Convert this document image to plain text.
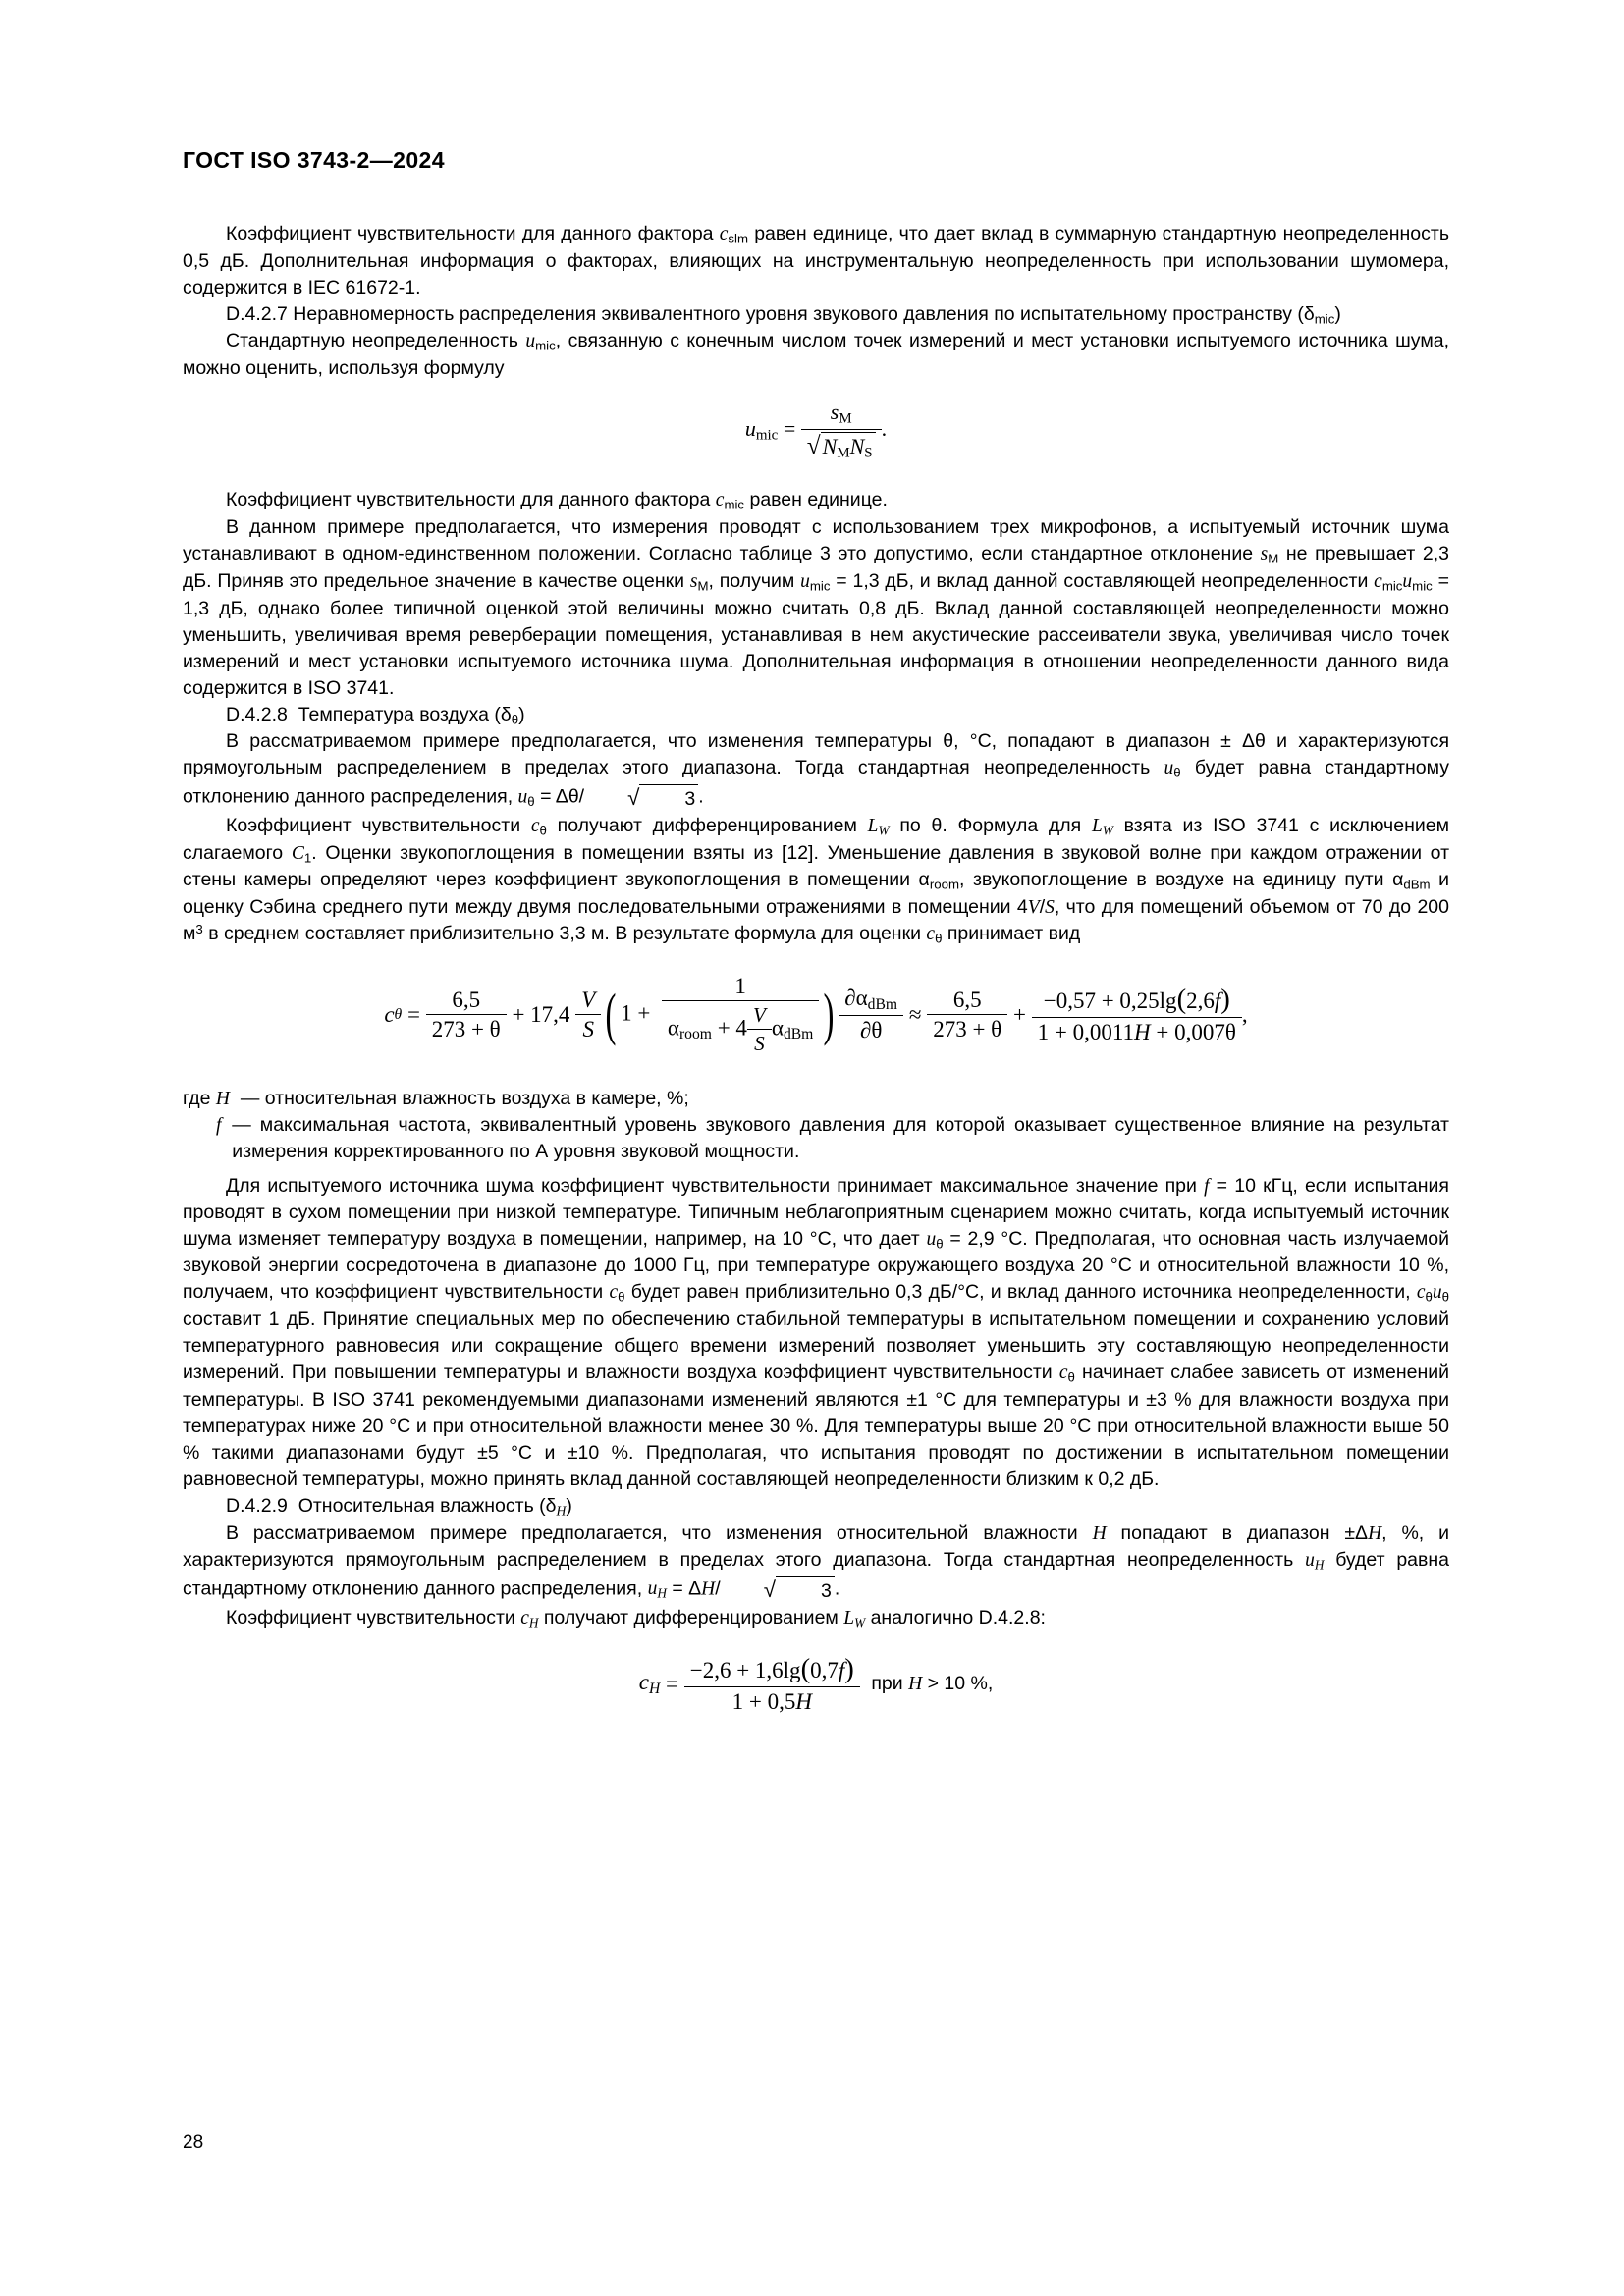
ГОСТ ISO 3743-2—2024

Коэффициент чувствительности для данного фактора $c_{slm}$ равен единице, что дает вклад в суммарную стандартную неопределенность 0,5 дБ. Дополнительная информация о факторах, влияющих на инструментальную неопределенность при использовании шумомера, содержится в IEC 61672-1.

D.4.2.7 Неравномерность распределения эквивалентного уровня звукового давления по испытательному пространству $(\delta_{mic})$

Стандартную неопределенность $u_{mic}$, связанную с конечным числом точек измерений и мест установки испытуемого источника шума, можно оценить, используя формулу

$u_{mic} = \frac{s_M}{√N_MN_S}$ .

Коэффициент чувствительности для данного фактора $c_{mic}$ равен единице.

В данном примере предполагается, что измерения проводят с использованием трех микрофонов, а испытуемый источник шума устанавливают в одном-единственном положении. Согласно таблице 3 это допустимо, если стандартное отклонение $s_M$ не превышает 2,3 дБ. Приняв это предельное значение в качестве оценки $s_M$, получим $u_{mic} = 1,3$ дБ, и вклад данной составляющей неопределенности $c_{mic}u_{mic} = 1,3$ дБ, однако более типичной оценкой этой величины можно считать 0,8 дБ. Вклад данной составляющей неопределенности можно уменьшить, увеличивая время реверберации помещения, устанавливая в нем акустические рассеиватели звука, увеличивая число точек измерений и мест установки испытуемого источника шума. Дополнительная информация в отношении неопределенности данного вида содержится в ISO 3741.

D.4.2.8  Температура воздуха $(\delta_\theta)$

В рассматриваемом примере предполагается, что изменения температуры θ, °С, попадают в диапазон ± Δθ и характеризуются прямоугольным распределением в пределах этого диапазона. Тогда стандартная неопределенность $u_\theta$ будет равна стандартному отклонению данного распределения, $u_\theta = \Delta\theta/$ √ 3 .

Коэффициент чувствительности $c_\theta$ получают дифференцированием $L_W$ по θ. Формула для $L_W$ взята из ISO 3741 с исключением слагаемого $C_1$. Оценки звукопоглощения в помещении взяты из [12]. Уменьшение давления в звуковой волне при каждом отражении от стены камеры определяют через коэффициент звукопоглощения в помещении $\alpha_{room}$, звукопоглощение в воздухе на единицу пути $\alpha_{dBm}$ и оценку Сэбина среднего пути между двумя последовательными отражениями в помещении 4V/S, что для помещений объемом от 70 до 200 $м^3$ в среднем составляет приблизительно 3,3 м. В результате формула для оценки $c_\theta$ принимает вид

c $\theta = \frac{6,5}{273 + \theta} + 17,4 \frac{V}{S}$ ( $1 + \frac{1}{\alpha_{room} + 4 \frac{V}{S} \alpha_{dBm}}$ ) $\frac{\partial\alpha_{dBm}}{\partial\theta} \approx \frac{6,5}{273 + \theta} + \frac{-0,57 + 0,25\lg(2,6f)}{1 + 0,0011H + 0,007\theta}$ ,
где H — относительная влажность воздуха в камере, %;
f — максимальная частота, эквивалентный уровень звукового давления для которой оказывает существенное влияние на результат измерения корректированного по А уровня звуковой мощности.

Для испытуемого источника шума коэффициент чувствительности принимает максимальное значение при f = 10 кГц, если испытания проводят в сухом помещении при низкой температуре. Типичным неблагоприятным сценарием можно считать, когда испытуемый источник шума изменяет температуру воздуха в помещении, например, на 10 °С, что дает $u_\theta = 2,9$ °С. Предполагая, что основная часть излучаемой звуковой энергии сосредоточена в диапазоне до 1000 Гц, при температуре окружающего воздуха 20 °С и относительной влажности 10 %, получаем, что коэффициент чувствительности $c_\theta$ будет равен приблизительно 0,3 дБ/°С, и вклад данного источника неопределенности, $c_\theta u_\theta$ составит 1 дБ. Принятие специальных мер по обеспечению стабильной температуры в испытательном помещении и сохранению условий температурного равновесия или сокращение общего времени измерений позволяет уменьшить эту составляющую неопределенности измерений. При повышении температуры и влажности воздуха коэффициент чувствительности $c_\theta$ начинает слабее зависеть от изменений температуры. В ISO 3741 рекомендуемыми диапазонами изменений являются ±1 °С для температуры и ±3 % для влажности воздуха при температурах ниже 20 °С и при относительной влажности менее 30 %. Для температуры выше 20 °С при относительной влажности выше 50 % такими диапазонами будут ±5 °С и ±10 %. Предполагая, что испытания проводят по достижении в испытательном помещении равновесной температуры, можно принять вклад данной составляющей неопределенности близким к 0,2 дБ.

D.4.2.9  Относительная влажность (δH)

В рассматриваемом примере предполагается, что изменения относительной влажности H попадают в диапазон ±ΔH, %, и характеризуются прямоугольным распределением в пределах этого диапазона. Тогда стандартная неопределенность $u_H$ будет равна стандартному отклонению данного распределения, $u_H = \Delta H/$ √ 3 .

Коэффициент чувствительности $c_H$ получают дифференцированием $L_W$ аналогично D.4.2.8:

$c_H = \frac{-2,6 + 1,6\lg(0,7f)}{1 + 0,5H}$
при H > 10 %,
28
